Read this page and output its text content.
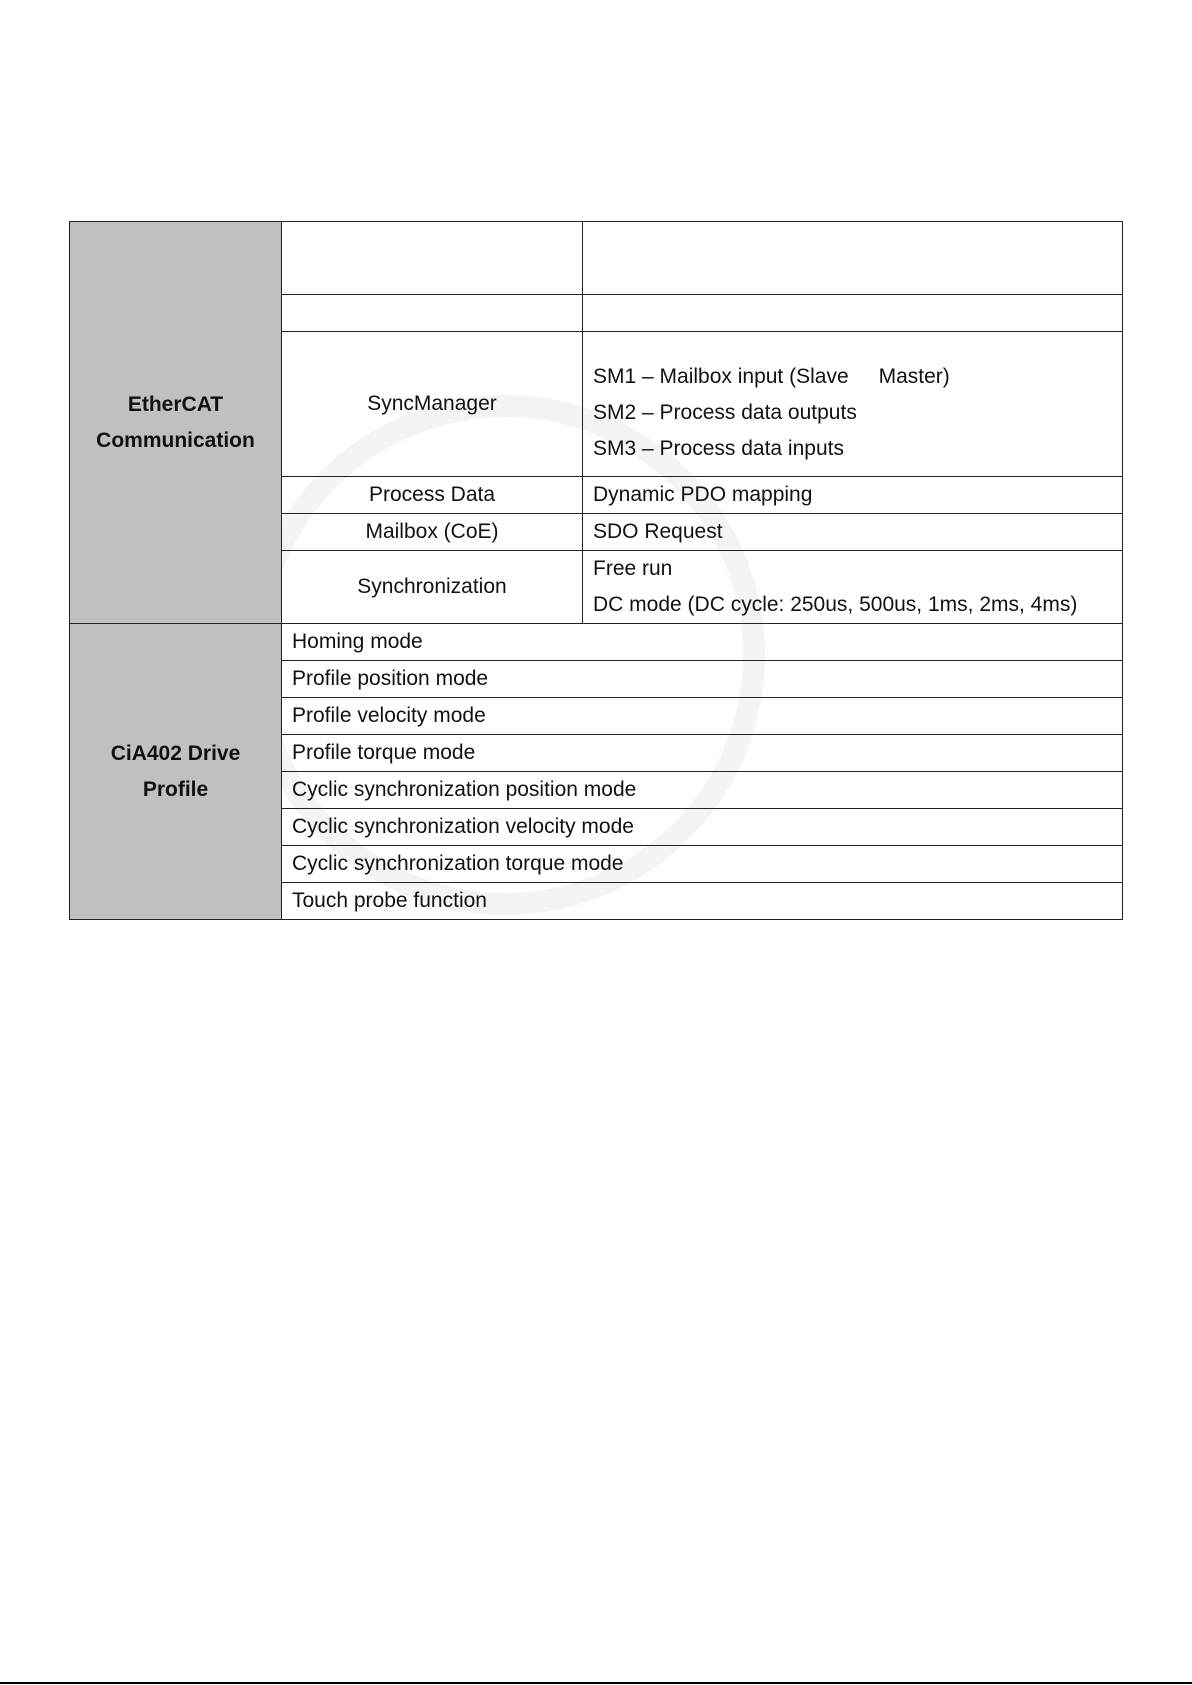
EtherCAT
Communication		

	SyncManager	SM1 – Mailbox input (Slave Master)
SM2 – Process data outputs
SM3 – Process data inputs

	Process Data	Dynamic PDO mapping
	Mailbox (CoE)	SDO Request
	Synchronization	Free run
DC mode (DC cycle: 250us, 500us, 1ms, 2ms, 4ms)

CiA402 Drive
Profile	Homing mode	
	Profile position mode	
	Profile velocity mode	
	Profile torque mode	
	Cyclic synchronization position mode	
	Cyclic synchronization velocity mode	
	Cyclic synchronization torque mode	
	Touch probe function	
